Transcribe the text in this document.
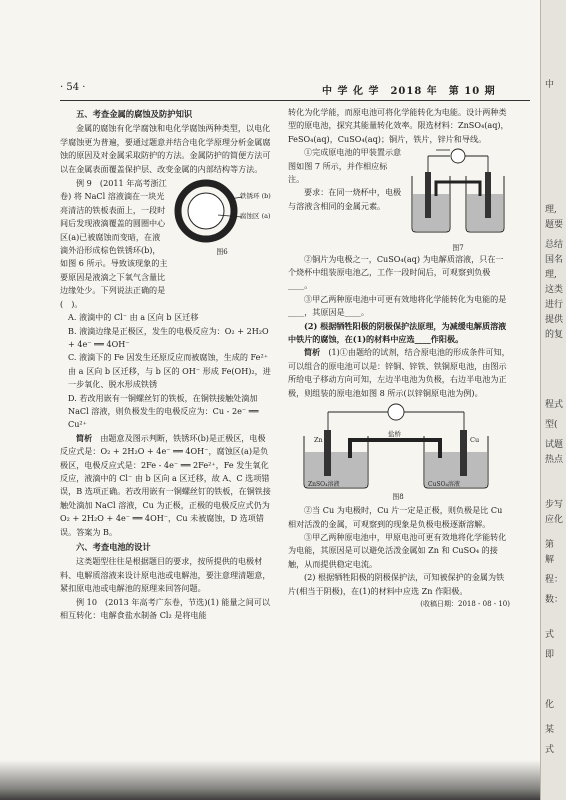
· 54 ·	中 学 化 学　2018 年　第 10 期
五、考查金属的腐蚀及防护知识

金属的腐蚀有化学腐蚀和电化学腐蚀两种类型，以电化学腐蚀更为普遍，要通过题意并结合电化学原理分析金属腐蚀的原因及对金属采取防护的方法。金属防护的简便方法可以在金属表面覆盖保护层、改变金属的内部结构等方法。

例 9　(2011 年高考浙江卷) 将 NaCl 溶液滴在一块光亮清洁的铁板表面上，一段时间后发现液滴覆盖的圆圈中心区(a)已被腐蚀而变暗，在液滴外沿形成棕色铁锈环(b)，如图 6 所示。导致该现象的主要原因是液滴之下氧气含量比边缘处少。下列说法正确的是(　)。

铁锈环 (b)
腐蚀区 (a)
图6

A. 液滴中的 Cl⁻ 由 a 区向 b 区迁移

B. 液滴边缘是正极区，发生的电极反应为：O₂ + 2H₂O + 4e⁻ ══ 4OH⁻

C. 液滴下的 Fe 因发生还原反应而被腐蚀，生成的 Fe²⁺ 由 a 区向 b 区迁移，与 b 区的 OH⁻ 形成 Fe(OH)₂，进一步氧化、脱水形成铁锈

D. 若改用嵌有一铜螺丝钉的铁板，在铜铁接触处滴加 NaCl 溶液，则负极发生的电极反应为：Cu - 2e⁻ ══ Cu²⁺

简析　 由题意及图示判断，铁锈环(b)是正极区，电极反应式是：O₂ + 2H₂O + 4e⁻ ══ 4OH⁻，腐蚀区(a)是负极区，电极反应式是：2Fe - 4e⁻ ══ 2Fe²⁺，Fe 发生氧化反应，液滴中的 Cl⁻ 由 b 区向 a 区迁移，故 A、C 选项错误，B 选项正确。若改用嵌有一铜螺丝钉的铁板，在铜铁接触处滴加 NaCl 溶液，Cu 为正极，正极的电极反应式仍为 O₂ + 2H₂O + 4e⁻ ══ 4OH⁻，Cu 未被腐蚀，D 选项错误。答案为 B。

六、考查电池的设计

这类题型往往是根据题目的要求，按所提供的电极材料、电解质溶液来设计原电池或电解池，要注意理清题意，紧扣原电池或电解池的原理来回答问题。

例 10　(2013 年高考广东卷，节选)(1) 能量之间可以相互转化：电解食盐水制备 Cl₂ 是将电能

转化为化学能，而原电池可将化学能转化为电能。设计两种类型的原电池，探究其能量转化效率。限选材料：ZnSO₄(aq)，FeSO₄(aq)，CuSO₄(aq)；铜片，铁片，锌片和导线。

①完成原电池的甲装置示意图如图 7 所示，并作相应标注。

要求：在同一烧杯中，电极与溶液含相同的金属元素。

图7

②铜片为电极之一，CuSO₄(aq) 为电解质溶液，只在一个烧杯中组装原电池乙，工作一段时间后，可观察到负极____。

③甲乙两种原电池中可更有效地将化学能转化为电能的是____，其原因是____。

(2) 根据牺牲阳极的阴极保护法原理，为减缓电解质溶液中铁片的腐蚀，在(1)的材料中应选____作阳极。

简析　 (1)①由题给的试剂，结合原电池的形成条件可知，可以组合的原电池可以是：锌铜、锌铁、铁铜原电池，由图示所给电子移动方向可知，左边半电池为负极，右边半电池为正极，则组装的原电池如图 8 所示(以锌铜原电池为例)。

盐桥
Zn	Cu
ZnSO₄溶液	CuSO₄溶液
图8

②当 Cu 为电极时，Cu 片一定是正极，则负极是比 Cu 相对活泼的金属，可观察到的现象是负极电极逐渐溶解。

③甲乙两种原电池中，甲原电池可更有效地将化学能转化为电能，其原因是可以避免活泼金属如 Zn 和 CuSO₄ 的接触，从而提供稳定电流。

(2) 根据牺牲阳极的阴极保护法，可知被保护的金属为铁片(相当于阴极)，在(1)的材料中应选 Zn 作阳极。

(收稿日期：2018 - 08 - 10)

中
理,
题要
总结
国名
理,
这类
进行
提供
的复
程式
型(
试题
热点
步写
应化
第
解
程：
数：
式
即
化
某
式
